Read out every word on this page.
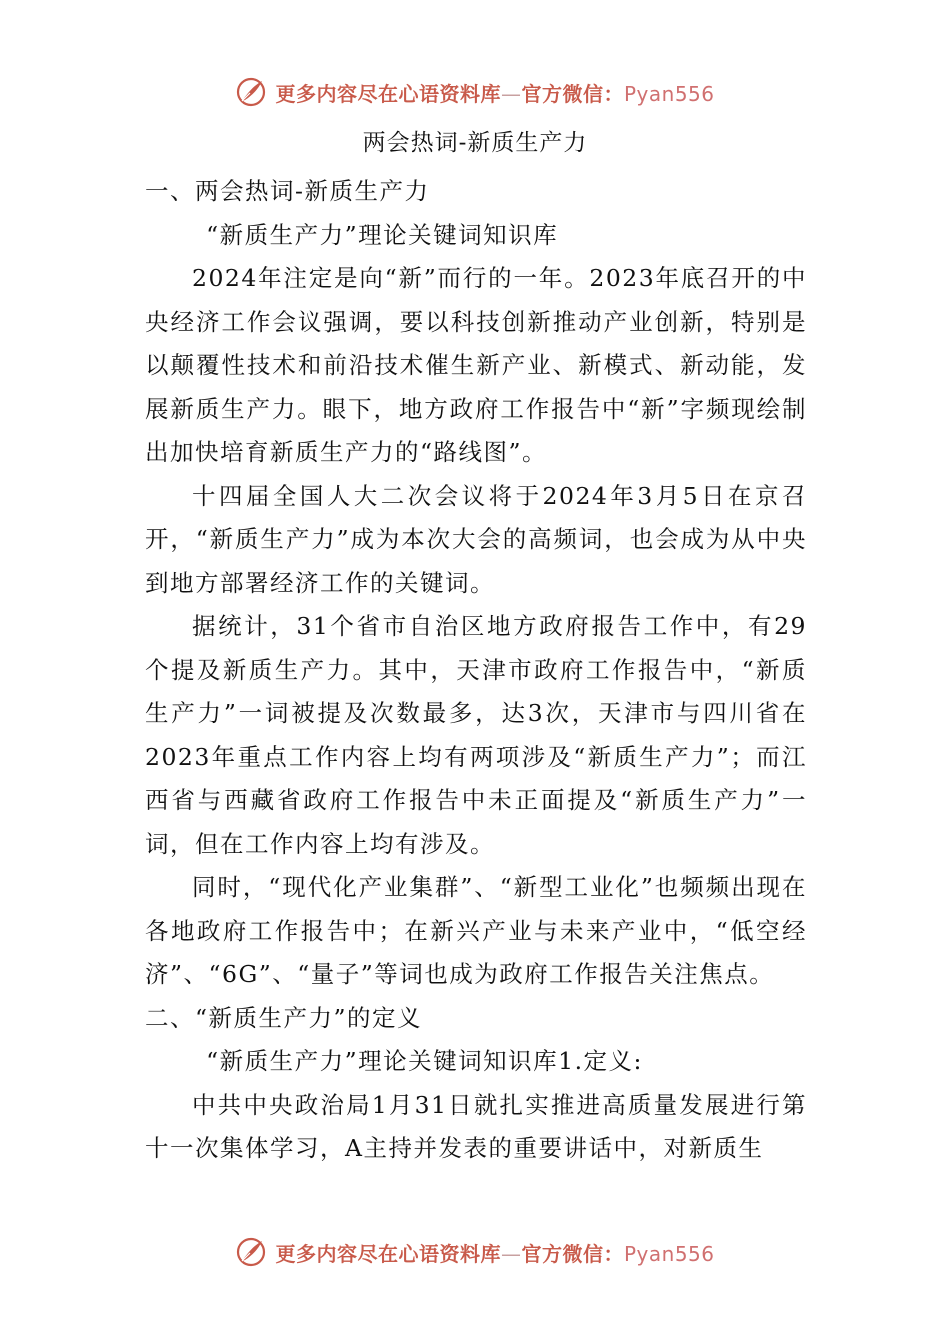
更多内容尽在心语资料库—官方微信：Pyan556
两会热词-新质生产力

一、两会热词-新质生产力

“新质生产力”理论关键词知识库

2024年注定是向“新”而行的一年。2023年底召开的中央经济工作会议强调，要以科技创新推动产业创新，特别是以颠覆性技术和前沿技术催生新产业、新模式、新动能，发展新质生产力。眼下，地方政府工作报告中“新”字频现绘制出加快培育新质生产力的“路线图”。

十四届全国人大二次会议将于2024年3月5日在京召开，“新质生产力”成为本次大会的高频词，也会成为从中央到地方部署经济工作的关键词。

据统计，31个省市自治区地方政府报告工作中，有29个提及新质生产力。其中，天津市政府工作报告中，“新质生产力”一词被提及次数最多，达3次，天津市与四川省在2023年重点工作内容上均有两项涉及“新质生产力”；而江西省与西藏省政府工作报告中未正面提及“新质生产力”一词，但在工作内容上均有涉及。

同时，“现代化产业集群”、“新型工业化”也频频出现在各地政府工作报告中；在新兴产业与未来产业中，“低空经济”、“6G”、“量子”等词也成为政府工作报告关注焦点。

二、“新质生产力”的定义

“新质生产力”理论关键词知识库1.定义:

中共中央政治局1月31日就扎实推进高质量发展进行第十一次集体学习，A主持并发表的重要讲话中，对新质生

更多内容尽在心语资料库—官方微信：Pyan556
